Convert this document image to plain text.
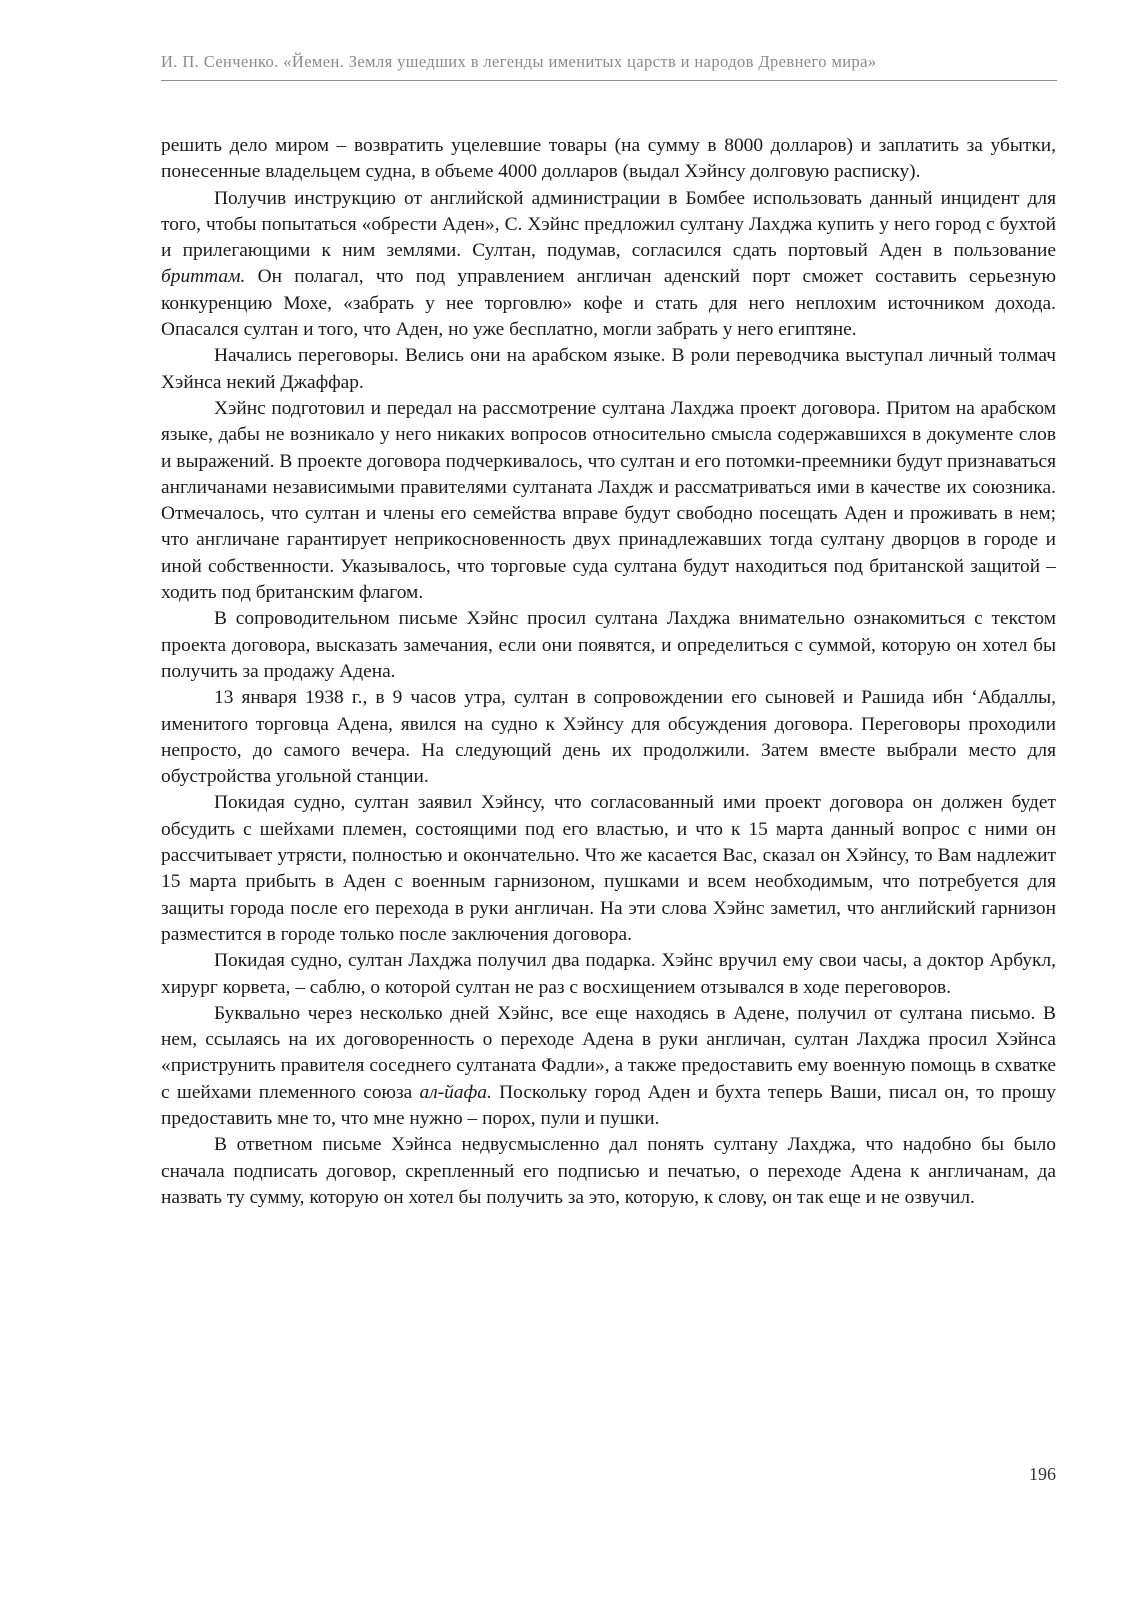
И. П. Сенченко. «Йемен. Земля ушедших в легенды именитых царств и народов Древнего мира»

решить дело миром – возвратить уцелевшие товары (на сумму в 8000 долларов) и заплатить за убытки, понесенные владельцем судна, в объеме 4000 долларов (выдал Хэйнсу долговую расписку).

Получив инструкцию от английской администрации в Бомбее использовать данный инцидент для того, чтобы попытаться «обрести Аден», С. Хэйнс предложил султану Лахджа купить у него город с бухтой и прилегающими к ним землями. Султан, подумав, согласился сдать портовый Аден в пользование бриттам. Он полагал, что под управлением англичан аденский порт сможет составить серьезную конкуренцию Мохе, «забрать у нее торговлю» кофе и стать для него неплохим источником дохода. Опасался султан и того, что Аден, но уже бесплатно, могли забрать у него египтяне.

Начались переговоры. Велись они на арабском языке. В роли переводчика выступал личный толмач Хэйнса некий Джаффар.

Хэйнс подготовил и передал на рассмотрение султана Лахджа проект договора. Притом на арабском языке, дабы не возникало у него никаких вопросов относительно смысла содержавшихся в документе слов и выражений. В проекте договора подчеркивалось, что султан и его потомки-преемники будут признаваться англичанами независимыми правителями султаната Лахдж и рассматриваться ими в качестве их союзника. Отмечалось, что султан и члены его семейства вправе будут свободно посещать Аден и проживать в нем; что англичане гарантирует неприкосновенность двух принадлежавших тогда султану дворцов в городе и иной собственности. Указывалось, что торговые суда султана будут находиться под британской защитой – ходить под британским флагом.

В сопроводительном письме Хэйнс просил султана Лахджа внимательно ознакомиться с текстом проекта договора, высказать замечания, если они появятся, и определиться с суммой, которую он хотел бы получить за продажу Адена.

13 января 1938 г., в 9 часов утра, султан в сопровождении его сыновей и Рашида ибн ‘Абдаллы, именитого торговца Адена, явился на судно к Хэйнсу для обсуждения договора. Переговоры проходили непросто, до самого вечера. На следующий день их продолжили. Затем вместе выбрали место для обустройства угольной станции.

Покидая судно, султан заявил Хэйнсу, что согласованный ими проект договора он должен будет обсудить с шейхами племен, состоящими под его властью, и что к 15 марта данный вопрос с ними он рассчитывает утрясти, полностью и окончательно. Что же касается Вас, сказал он Хэйнсу, то Вам надлежит 15 марта прибыть в Аден с военным гарнизоном, пушками и всем необходимым, что потребуется для защиты города после его перехода в руки англичан. На эти слова Хэйнс заметил, что английский гарнизон разместится в городе только после заключения договора.

Покидая судно, султан Лахджа получил два подарка. Хэйнс вручил ему свои часы, а доктор Арбукл, хирург корвета, – саблю, о которой султан не раз с восхищением отзывался в ходе переговоров.

Буквально через несколько дней Хэйнс, все еще находясь в Адене, получил от султана письмо. В нем, ссылаясь на их договоренность о переходе Адена в руки англичан, султан Лахджа просил Хэйнса «приструнить правителя соседнего султаната Фадли», а также предоставить ему военную помощь в схватке с шейхами племенного союза ал-йафа. Поскольку город Аден и бухта теперь Ваши, писал он, то прошу предоставить мне то, что мне нужно – порох, пули и пушки.

В ответном письме Хэйнса недвусмысленно дал понять султану Лахджа, что надобно бы было сначала подписать договор, скрепленный его подписью и печатью, о переходе Адена к англичанам, да назвать ту сумму, которую он хотел бы получить за это, которую, к слову, он так еще и не озвучил.

196
